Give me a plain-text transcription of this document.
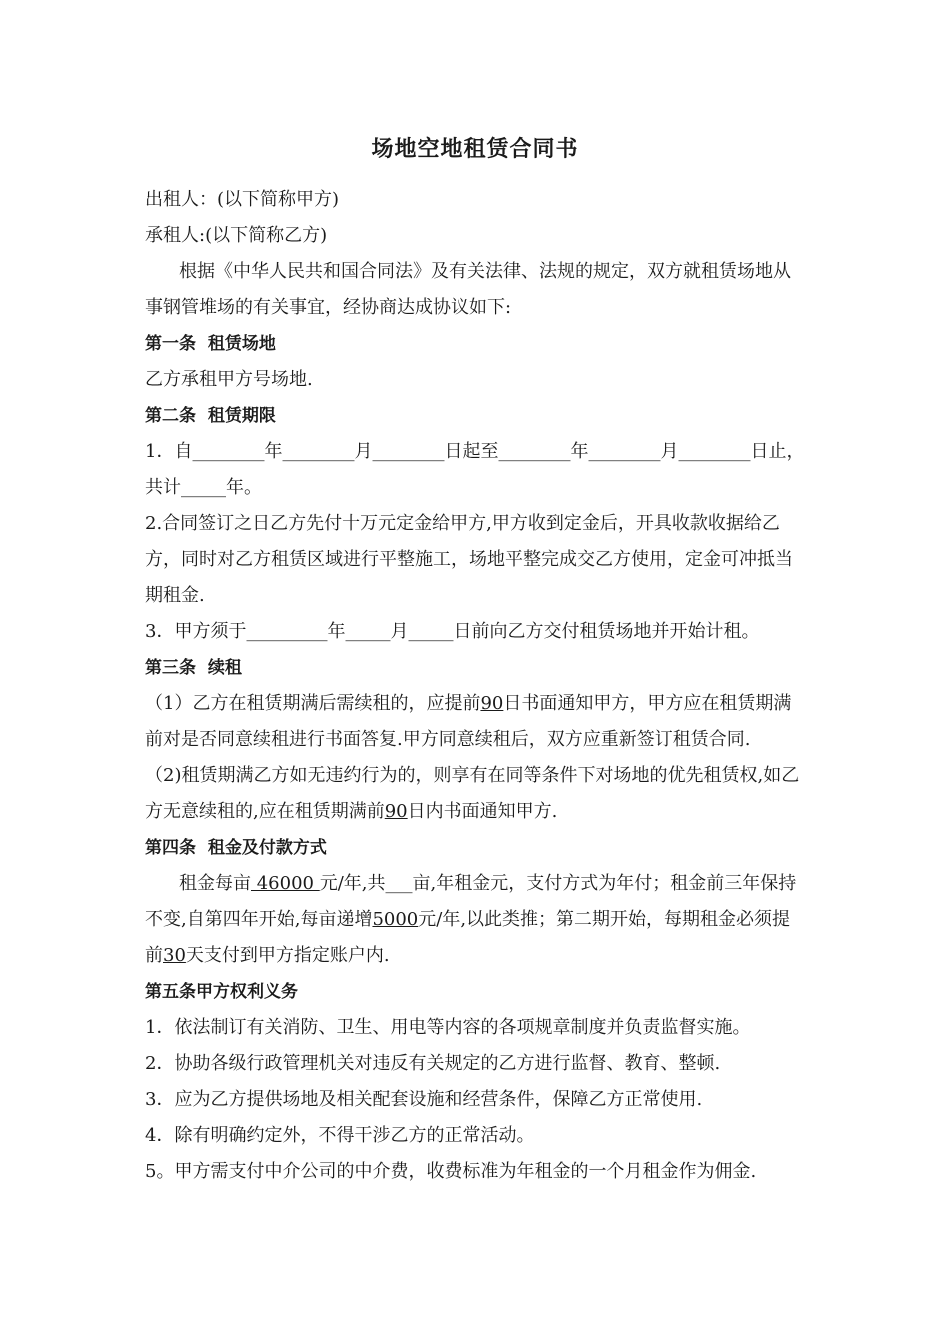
场地空地租赁合同书

出租人：(以下简称甲方)

承租人:(以下简称乙方)

根据《中华人民共和国合同法》及有关法律、法规的规定，双方就租赁场地从事钢管堆场的有关事宜，经协商达成协议如下:

第一条  租赁场地

乙方承租甲方号场地.

第二条  租赁期限

1．自________年________月________日起至________年________月________日止，共计_____年。

2.合同签订之日乙方先付十万元定金给甲方,甲方收到定金后，开具收款收据给乙方，同时对乙方租赁区域进行平整施工，场地平整完成交乙方使用，定金可冲抵当期租金.

3．甲方须于_________年_____月_____日前向乙方交付租赁场地并开始计租。

第三条  续租

（1）乙方在租赁期满后需续租的，应提前90日书面通知甲方，甲方应在租赁期满前对是否同意续租进行书面答复.甲方同意续租后，双方应重新签订租赁合同.

（2)租赁期满乙方如无违约行为的，则享有在同等条件下对场地的优先租赁权,如乙方无意续租的,应在租赁期满前90日内书面通知甲方.

第四条  租金及付款方式

租金每亩 46000 元/年,共___亩,年租金元，支付方式为年付；租金前三年保持不变,自第四年开始,每亩递增5000元/年,以此类推；第二期开始，每期租金必须提前30天支付到甲方指定账户内.

第五条甲方权利义务

1．依法制订有关消防、卫生、用电等内容的各项规章制度并负责监督实施。

2．协助各级行政管理机关对违反有关规定的乙方进行监督、教育、整顿.

3．应为乙方提供场地及相关配套设施和经营条件，保障乙方正常使用.

4．除有明确约定外，不得干涉乙方的正常活动。

5。甲方需支付中介公司的中介费，收费标准为年租金的一个月租金作为佣金.
